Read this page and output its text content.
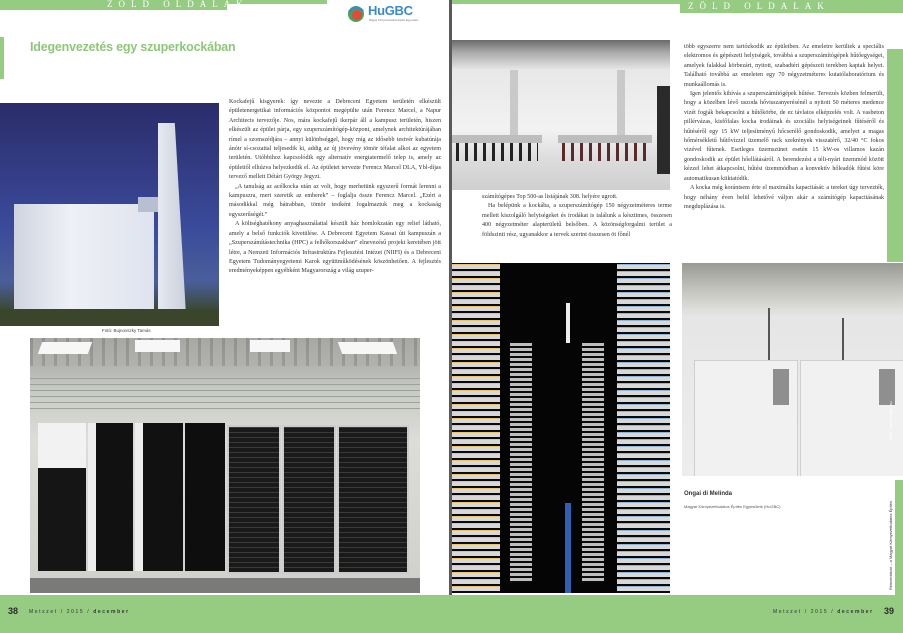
ZÖLD OLDALAK	HuGBC
Magyar Környezettudatos Építés Egyesülete
Idegenvezetés egy szuperkockában
Fotó: Bujnovszky Tamás

Kockafejű kisgyerek: így nevezte a Debreceni Egyetem területén elkészült épületenergetikai információs központot megépülte után Ferencz Marcel, a Napur Architects tervezője. Nos, mára kockafejű ikerpár áll a kampusz területén, hiszen elkészült az épület párja, egy szuperszámítógép-központ, amelynek architektúrájában rímel a szomszédjára – annyi különbséggel, hogy míg az idősebb testvér kubatúrája ánótr sí-csozattal teljesedik ki, addig az új jövevény tömör téfalat alkot az egyetem területén. Utóbbihoz kapcsolódik egy alternatív energiatermelő telep is, amely az épülettől elhúzva helyezkedik el. Az épületet tervezte Ferencz Marcel DLA, Ybl-díjas tervező mellett Détári György Jegyzi.

„A tanulság az acélkocka után az volt, hogy merhetünk egyszerű formát lerenni a kampuszra, mert szeretik az emberek” – foglalja össze Ferencz Marcel. „Ezért a másodikkal még bátrabban, tömör testként fogalmaztuk meg a kockaság egyszerűségét.”

A költséghatékony anyaghasználattal készült ház homlokzatán egy relief látható, amely a belső funkciók kivetülése. A Debreceni Egyetem Kassai úti kampuszán a „Szuperszámítástechnika (HPC) a felhőkorszakban” elnevezésű projekt keretében jött létre, a Nemzeti Információs Infrastruktúra Fejlesztési Intézet (NIIFI) és a Debreceni Egyetem Tudományegyetemi Karok együttműködésének köszönhetően. A fejlesztés eredményeképpen egyébként Magyarország a világ szuper-

ZÖLD OLDALAK

számítógépes Top 500-as listájának 308. helyére ugrott.

Ha belépünk a kockába, a szuperszámítógép 150 négyzetméteres terme mellett kiszolgáló helyiségeket és irodákat is találunk a késztimes, összesen 400 négyzetméter alapterületű belsőben. A közönségforgalmi terület a földszinti rész, ugyanakkor a tervek szerint összesen öt főnél

több egyszerre nem tartózkodik az épületben. Az emeletre kerültek a speciális elektromos és gépészeti helyiségek, továbbá a szuperszámítógépek hűtőegységei, amelyek falakkal körbezárt, nyitott, szabadtéri gépészeti terekben kaptak helyet. Található továbbá az emeleten egy 70 négyzetméteres kutatólaboratórium és munkaállomás is.

Igen jelentős kihívás a szuperszámítógépek hűtése. Tervezés közben felmerült, hogy a közelben lévő uszoda hővisszanyerésénél a nyitott 50 méteres medence vizét fogják bekapcsolni a hűtőkörbe, de ez távlatos elképzelés volt. A vasbeton pillérvázas, kisfőfalas kocka irodáinak és szociális helyiségeinek fűtéséről és hűtéséről egy 15 kW teljesítményű hőcserélő gondoskodik, amelyet a magas hőmérsékletű hűtővízzel üzemelő rack szekrények visszatérő, 32/40 °C fokos vizével fűtenek. Esetleges üzemszünet esetén 15 kW-os villamos kazán gondoskodik az épület hőellátásáról. A berendezést a téli-nyári üzemmód között kézzel lehet átkapcsolni, hűtési üzemmódban a konvektív hőleadók fűtési köre automatikusan kiiktatódik.

A kocka még korántsem érte el maximális kapacitását: a tereket úgy tervezték, hogy néhány éven belül lehetővé váljon akár a számítógép kapacitásának megduplázása is.

Ongai di Melinda
Magyar Környezettudatos Építés Egyesülete (HuGBC)	Reinventáció – a Magyar Környezettudatos Építés
Fotó: / www.hugbc.hu
38 Metszet / 2015 / december	Metszet / 2015 / december 39
